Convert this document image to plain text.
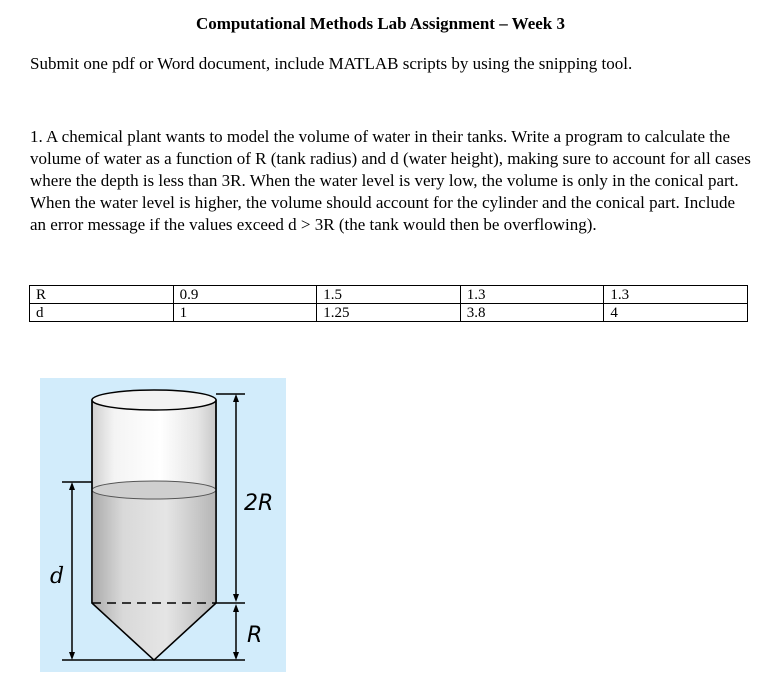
Computational Methods Lab Assignment – Week 3
Submit one pdf or Word document, include MATLAB scripts by using the snipping tool.
1. A chemical plant wants to model the volume of water in their tanks. Write a program to calculate the volume of water as a function of R (tank radius) and d (water height), making sure to account for all cases where the depth is less than 3R. When the water level is very low, the volume is only in the conical part. When the water level is higher, the volume should account for the cylinder and the conical part. Include an error message if the values exceed d > 3R (the tank would then be overflowing).
R	0.9	1.5	1.3	1.3
d	1	1.25	3.8	4
2R
R
d
